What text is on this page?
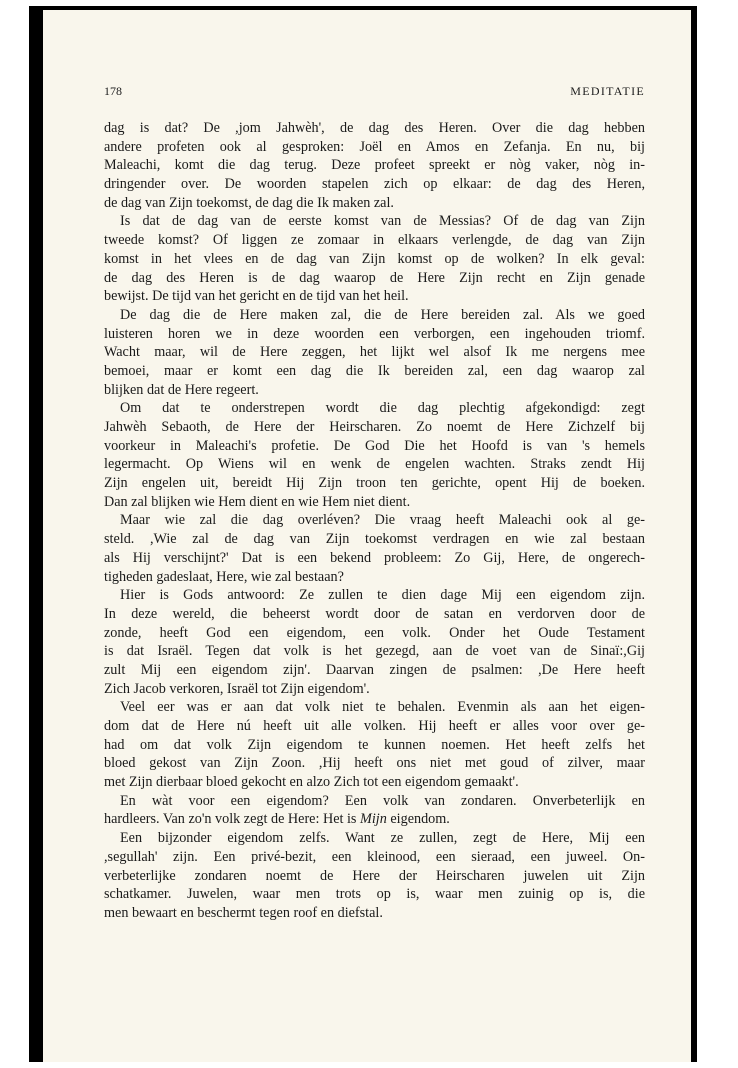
178	MEDITATIE
dag is dat? De ,jom Jahwèh', de dag des Heren. Over die dag hebben
andere profeten ook al gesproken: Joël en Amos en Zefanja. En nu, bij
Maleachi, komt die dag terug. Deze profeet spreekt er nòg vaker, nòg in-
dringender over. De woorden stapelen zich op elkaar: de dag des Heren,
de dag van Zijn toekomst, de dag die Ik maken zal.
Is dat de dag van de eerste komst van de Messias? Of de dag van Zijn
tweede komst? Of liggen ze zomaar in elkaars verlengde, de dag van Zijn
komst in het vlees en de dag van Zijn komst op de wolken? In elk geval:
de dag des Heren is de dag waarop de Here Zijn recht en Zijn genade
bewijst. De tijd van het gericht en de tijd van het heil.
De dag die de Here maken zal, die de Here bereiden zal. Als we goed
luisteren horen we in deze woorden een verborgen, een ingehouden triomf.
Wacht maar, wil de Here zeggen, het lijkt wel alsof Ik me nergens mee
bemoei, maar er komt een dag die Ik bereiden zal, een dag waarop zal
blijken dat de Here regeert.
Om dat te onderstrepen wordt die dag plechtig afgekondigd: zegt
Jahwèh Sebaoth, de Here der Heirscharen. Zo noemt de Here Zichzelf bij
voorkeur in Maleachi's profetie. De God Die het Hoofd is van 's hemels
legermacht. Op Wiens wil en wenk de engelen wachten. Straks zendt Hij
Zijn engelen uit, bereidt Hij Zijn troon ten gerichte, opent Hij de boeken.
Dan zal blijken wie Hem dient en wie Hem niet dient.
Maar wie zal die dag overléven? Die vraag heeft Maleachi ook al ge-
steld. ,Wie zal de dag van Zijn toekomst verdragen en wie zal bestaan
als Hij verschijnt?' Dat is een bekend probleem: Zo Gij, Here, de ongerech-
tigheden gadeslaat, Here, wie zal bestaan?
Hier is Gods antwoord: Ze zullen te dien dage Mij een eigendom zijn.
In deze wereld, die beheerst wordt door de satan en verdorven door de
zonde, heeft God een eigendom, een volk. Onder het Oude Testament
is dat Israël. Tegen dat volk is het gezegd, aan de voet van de Sinaï:,Gij
zult Mij een eigendom zijn'. Daarvan zingen de psalmen: ,De Here heeft
Zich Jacob verkoren, Israël tot Zijn eigendom'.
Veel eer was er aan dat volk niet te behalen. Evenmin als aan het eigen-
dom dat de Here nú heeft uit alle volken. Hij heeft er alles voor over ge-
had om dat volk Zijn eigendom te kunnen noemen. Het heeft zelfs het
bloed gekost van Zijn Zoon. ,Hij heeft ons niet met goud of zilver, maar
met Zijn dierbaar bloed gekocht en alzo Zich tot een eigendom gemaakt'.
En wàt voor een eigendom? Een volk van zondaren. Onverbeterlijk en
hardleers. Van zo'n volk zegt de Here: Het is Mijn eigendom.
Een bijzonder eigendom zelfs. Want ze zullen, zegt de Here, Mij een
,segullah' zijn. Een privé-bezit, een kleinood, een sieraad, een juweel. On-
verbeterlijke zondaren noemt de Here der Heirscharen juwelen uit Zijn
schatkamer. Juwelen, waar men trots op is, waar men zuinig op is, die
men bewaart en beschermt tegen roof en diefstal.
